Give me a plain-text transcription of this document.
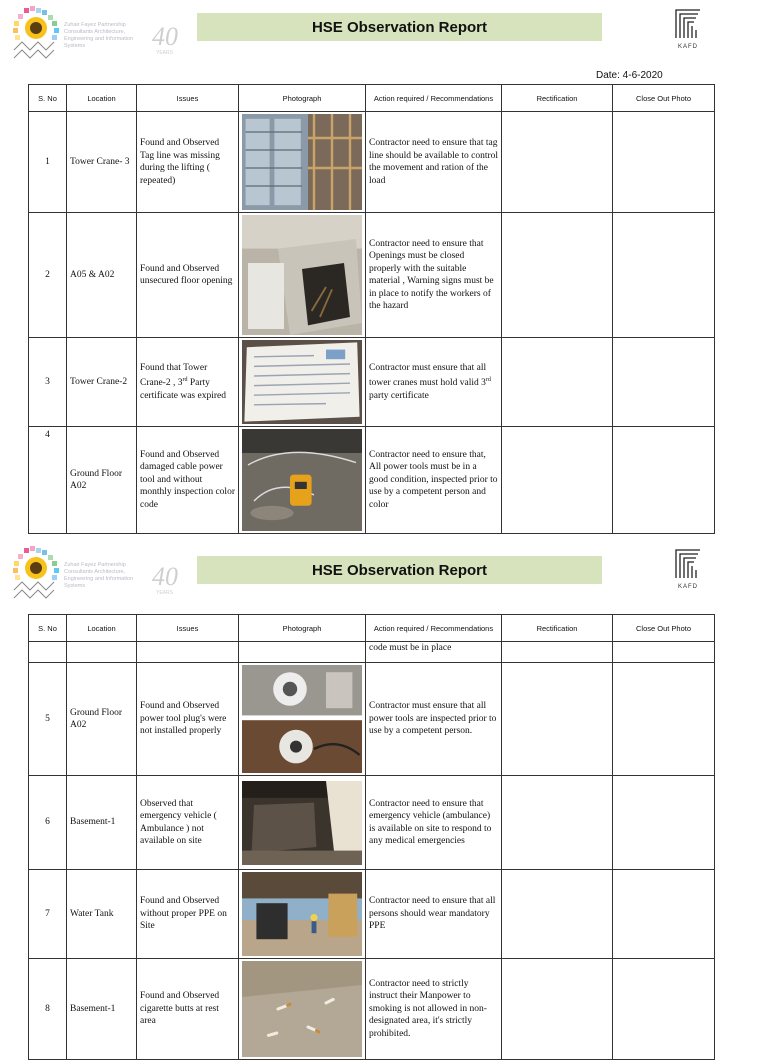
Zuhair Fayez Partnership Consultants Architecture, Engineering and Information Systems	40
YEARS
HSE Observation Report
KAFD
Date: 4-6-2020
S. No	Location	Issues	Photograph	Action required / Recommendations	Rectification	Close Out Photo
1	Tower Crane- 3	Found and Observed Tag line was missing during the lifting ( repeated)		Contractor need to ensure that tag line should be available to control the movement and ration of the load		
2	A05 & A02	Found and Observed unsecured floor opening		Contractor need to ensure that Openings must be closed properly with the suitable material , Warning signs must be in place to notify the workers of the hazard		
3	Tower Crane-2	Found that Tower Crane-2 , 3rd Party certificate was expired		Contractor must ensure that all tower cranes must hold valid 3rd party certificate		
4	Ground Floor A02	Found and Observed damaged cable power tool and without monthly inspection color code		Contractor need to ensure that, All power tools must be in a good condition, inspected prior to use by a competent person and color		
Zuhair Fayez Partnership Consultants Architecture, Engineering and Information Systems	40
YEARS
HSE Observation Report
KAFD
S. No	Location	Issues	Photograph	Action required / Recommendations	Rectification	Close Out Photo
				code must be in place		
5	Ground Floor A02	Found and Observed power tool plug's were not installed properly		Contractor must ensure that all power tools are inspected prior to use by a competent person.		
6	Basement-1	Observed that emergency vehicle ( Ambulance ) not available on site		Contractor need to ensure that emergency vehicle (ambulance) is available on site to respond to any medical emergencies		
7	Water Tank	Found and Observed without proper PPE on Site		Contractor need to ensure that all persons should wear mandatory PPE		
8	Basement-1	Found and Observed cigarette butts at rest area		Contractor need to strictly instruct their Manpower to smoking is not allowed in non-designated area, it's strictly prohibited.		
